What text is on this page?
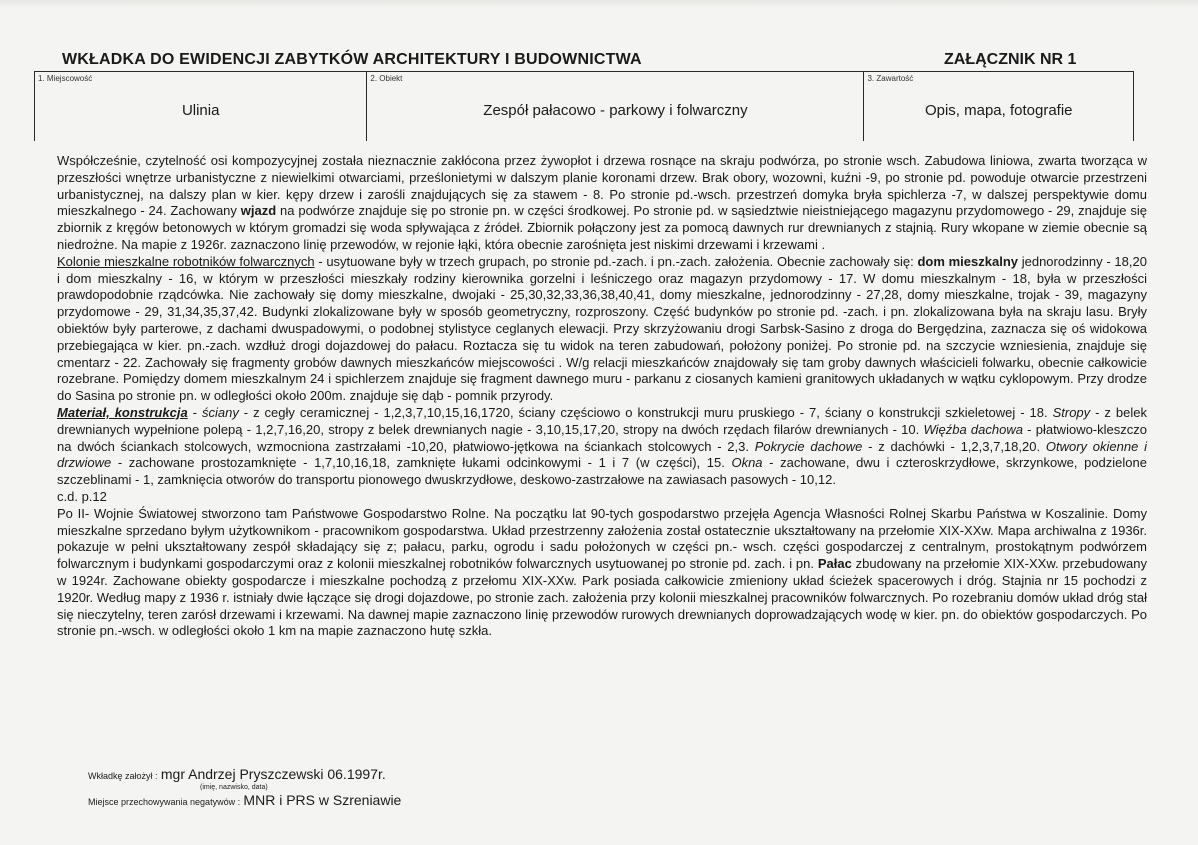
WKŁADKA DO EWIDENCJI ZABYTKÓW ARCHITEKTURY I BUDOWNICTWA	ZAŁĄCZNIK NR 1
1. Miejscowość
Ulinia
2. Obiekt
Zespół pałacowo - parkowy i folwarczny
3. Zawartość
Opis, mapa, fotografie

Współcześnie, czytelność osi kompozycyjnej została nieznacznie zakłócona przez żywopłot i drzewa rosnące na skraju podwórza, po stronie wsch. Zabudowa liniowa, zwarta tworząca w przeszłości wnętrze urbanistyczne z niewielkimi otwarciami, prześlonietymi w dalszym planie koronami drzew. Brak obory, wozowni, kuźni -9, po stronie pd. powoduje otwarcie przestrzeni urbanistycznej, na dalszy plan w kier. kępy drzew i zarośli znajdujących się za stawem - 8. Po stronie pd.-wsch. przestrzeń domyka bryła spichlerza -7, w dalszej perspektywie domu mieszkalnego - 24. Zachowany wjazd na podwórze znajduje się po stronie pn. w części środkowej. Po stronie pd. w sąsiedztwie nieistniejącego magazynu przydomowego - 29, znajduje się zbiornik z kręgów betonowych w którym gromadzi się woda spływająca z źródeł. Zbiornik połączony jest za pomocą dawnych rur drewnianych z stajnią. Rury wkopane w ziemie obecnie są niedrożne. Na mapie z 1926r. zaznaczono linię przewodów, w rejonie łąki, która obecnie zarośnięta jest niskimi drzewami i krzewami .

Kolonie mieszkalne robotników folwarcznych - usytuowane były w trzech grupach, po stronie pd.-zach. i pn.-zach. założenia. Obecnie zachowały się: dom mieszkalny jednorodzinny - 18,20 i dom mieszkalny - 16, w którym w przeszłości mieszkały rodziny kierownika gorzelni i leśniczego oraz magazyn przydomowy - 17. W domu mieszkalnym - 18, była w przeszłości prawdopodobnie rządcówka. Nie zachowały się domy mieszkalne, dwojaki - 25,30,32,33,36,38,40,41, domy mieszkalne, jednorodzinny - 27,28, domy mieszkalne, trojak - 39, magazyny przydomowe - 29, 31,34,35,37,42. Budynki zlokalizowane były w sposób geometryczny, rozproszony. Część budynków po stronie pd. -zach. i pn. zlokalizowana była na skraju lasu. Bryły obiektów były parterowe, z dachami dwuspadowymi, o podobnej stylistyce ceglanych elewacji. Przy skrzyżowaniu drogi Sarbsk-Sasino z droga do Bergędzina, zaznacza się oś widokowa przebiegająca w kier. pn.-zach. wzdłuż drogi dojazdowej do pałacu. Roztacza się tu widok na teren zabudowań, położony poniżej. Po stronie pd. na szczycie wzniesienia, znajduje się cmentarz - 22. Zachowały się fragmenty grobów dawnych mieszkańców miejscowości . W/g relacji mieszkańców znajdowały się tam groby dawnych właścicieli folwarku, obecnie całkowicie rozebrane. Pomiędzy domem mieszkalnym 24 i spichlerzem znajduje się fragment dawnego muru - parkanu z ciosanych kamieni granitowych układanych w wątku cyklopowym. Przy drodze do Sasina po stronie pn. w odległości około 200m. znajduje się dąb - pomnik przyrody.

Materiał, konstrukcja - ściany - z cegły ceramicznej - 1,2,3,7,10,15,16,1720, ściany częściowo o konstrukcji muru pruskiego - 7, ściany o konstrukcji szkieletowej - 18. Stropy - z belek drewnianych wypełnione polepą - 1,2,7,16,20, stropy z belek drewnianych nagie - 3,10,15,17,20, stropy na dwóch rzędach filarów drewnianych - 10. Więźba dachowa - płatwiowo-kleszczo na dwóch ściankach stolcowych, wzmocniona zastrzałami -10,20, płatwiowo-jętkowa na ściankach stolcowych - 2,3. Pokrycie dachowe - z dachówki - 1,2,3,7,18,20. Otwory okienne i drzwiowe - zachowane prostozamknięte - 1,7,10,16,18, zamknięte łukami odcinkowymi - 1 i 7 (w części), 15. Okna - zachowane, dwu i czteroskrzydłowe, skrzynkowe, podzielone szczeblinami - 1, zamknięcia otworów do transportu pionowego dwuskrzydłowe, deskowo-zastrzałowe na zawiasach pasowych - 10,12.

c.d. p.12

Po II- Wojnie Światowej stworzono tam Państwowe Gospodarstwo Rolne. Na początku lat 90-tych gospodarstwo przejęła Agencja Własności Rolnej Skarbu Państwa w Koszalinie. Domy mieszkalne sprzedano byłym użytkownikom - pracownikom gospodarstwa. Układ przestrzenny założenia został ostatecznie ukształtowany na przełomie XIX-XXw. Mapa archiwalna z 1936r. pokazuje w pełni ukształtowany zespół składający się z; pałacu, parku, ogrodu i sadu położonych w części pn.- wsch. części gospodarczej z centralnym, prostokątnym podwórzem folwarcznym i budynkami gospodarczymi oraz z kolonii mieszkalnej robotników folwarcznych usytuowanej po stronie pd. zach. i pn. Pałac zbudowany na przełomie XIX-XXw. przebudowany w 1924r. Zachowane obiekty gospodarcze i mieszkalne pochodzą z przełomu XIX-XXw. Park posiada całkowicie zmieniony układ ścieżek spacerowych i dróg. Stajnia nr 15 pochodzi z 1920r. Według mapy z 1936 r. istniały dwie łączące się drogi dojazdowe, po stronie zach. założenia przy kolonii mieszkalnej pracowników folwarcznych. Po rozebraniu domów układ dróg stał się nieczytelny, teren zarósł drzewami i krzewami. Na dawnej mapie zaznaczono linię przewodów rurowych drewnianych doprowadzających wodę w kier. pn. do obiektów gospodarczych. Po stronie pn.-wsch. w odległości około 1 km na mapie zaznaczono hutę szkła.

Wkładkę założył : mgr Andrzej Pryszczewski 06.1997r.
(imię, nazwisko, data)
Miejsce przechowywania negatywów : MNR i PRS w Szreniawie
